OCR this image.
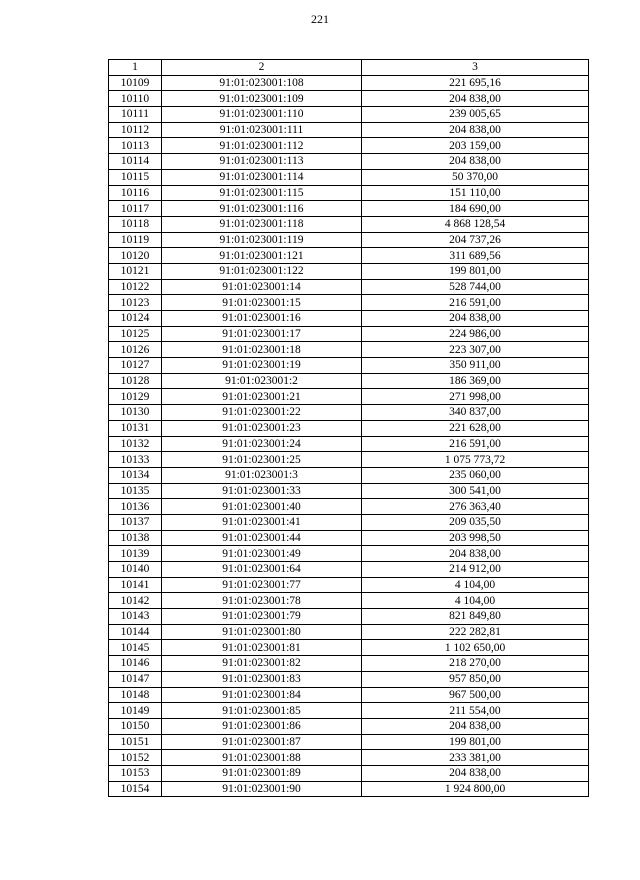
221
1	2	3
10109	91:01:023001:108	221 695,16
10110	91:01:023001:109	204 838,00
10111	91:01:023001:110	239 005,65
10112	91:01:023001:111	204 838,00
10113	91:01:023001:112	203 159,00
10114	91:01:023001:113	204 838,00
10115	91:01:023001:114	50 370,00
10116	91:01:023001:115	151 110,00
10117	91:01:023001:116	184 690,00
10118	91:01:023001:118	4 868 128,54
10119	91:01:023001:119	204 737,26
10120	91:01:023001:121	311 689,56
10121	91:01:023001:122	199 801,00
10122	91:01:023001:14	528 744,00
10123	91:01:023001:15	216 591,00
10124	91:01:023001:16	204 838,00
10125	91:01:023001:17	224 986,00
10126	91:01:023001:18	223 307,00
10127	91:01:023001:19	350 911,00
10128	91:01:023001:2	186 369,00
10129	91:01:023001:21	271 998,00
10130	91:01:023001:22	340 837,00
10131	91:01:023001:23	221 628,00
10132	91:01:023001:24	216 591,00
10133	91:01:023001:25	1 075 773,72
10134	91:01:023001:3	235 060,00
10135	91:01:023001:33	300 541,00
10136	91:01:023001:40	276 363,40
10137	91:01:023001:41	209 035,50
10138	91:01:023001:44	203 998,50
10139	91:01:023001:49	204 838,00
10140	91:01:023001:64	214 912,00
10141	91:01:023001:77	4 104,00
10142	91:01:023001:78	4 104,00
10143	91:01:023001:79	821 849,80
10144	91:01:023001:80	222 282,81
10145	91:01:023001:81	1 102 650,00
10146	91:01:023001:82	218 270,00
10147	91:01:023001:83	957 850,00
10148	91:01:023001:84	967 500,00
10149	91:01:023001:85	211 554,00
10150	91:01:023001:86	204 838,00
10151	91:01:023001:87	199 801,00
10152	91:01:023001:88	233 381,00
10153	91:01:023001:89	204 838,00
10154	91:01:023001:90	1 924 800,00
